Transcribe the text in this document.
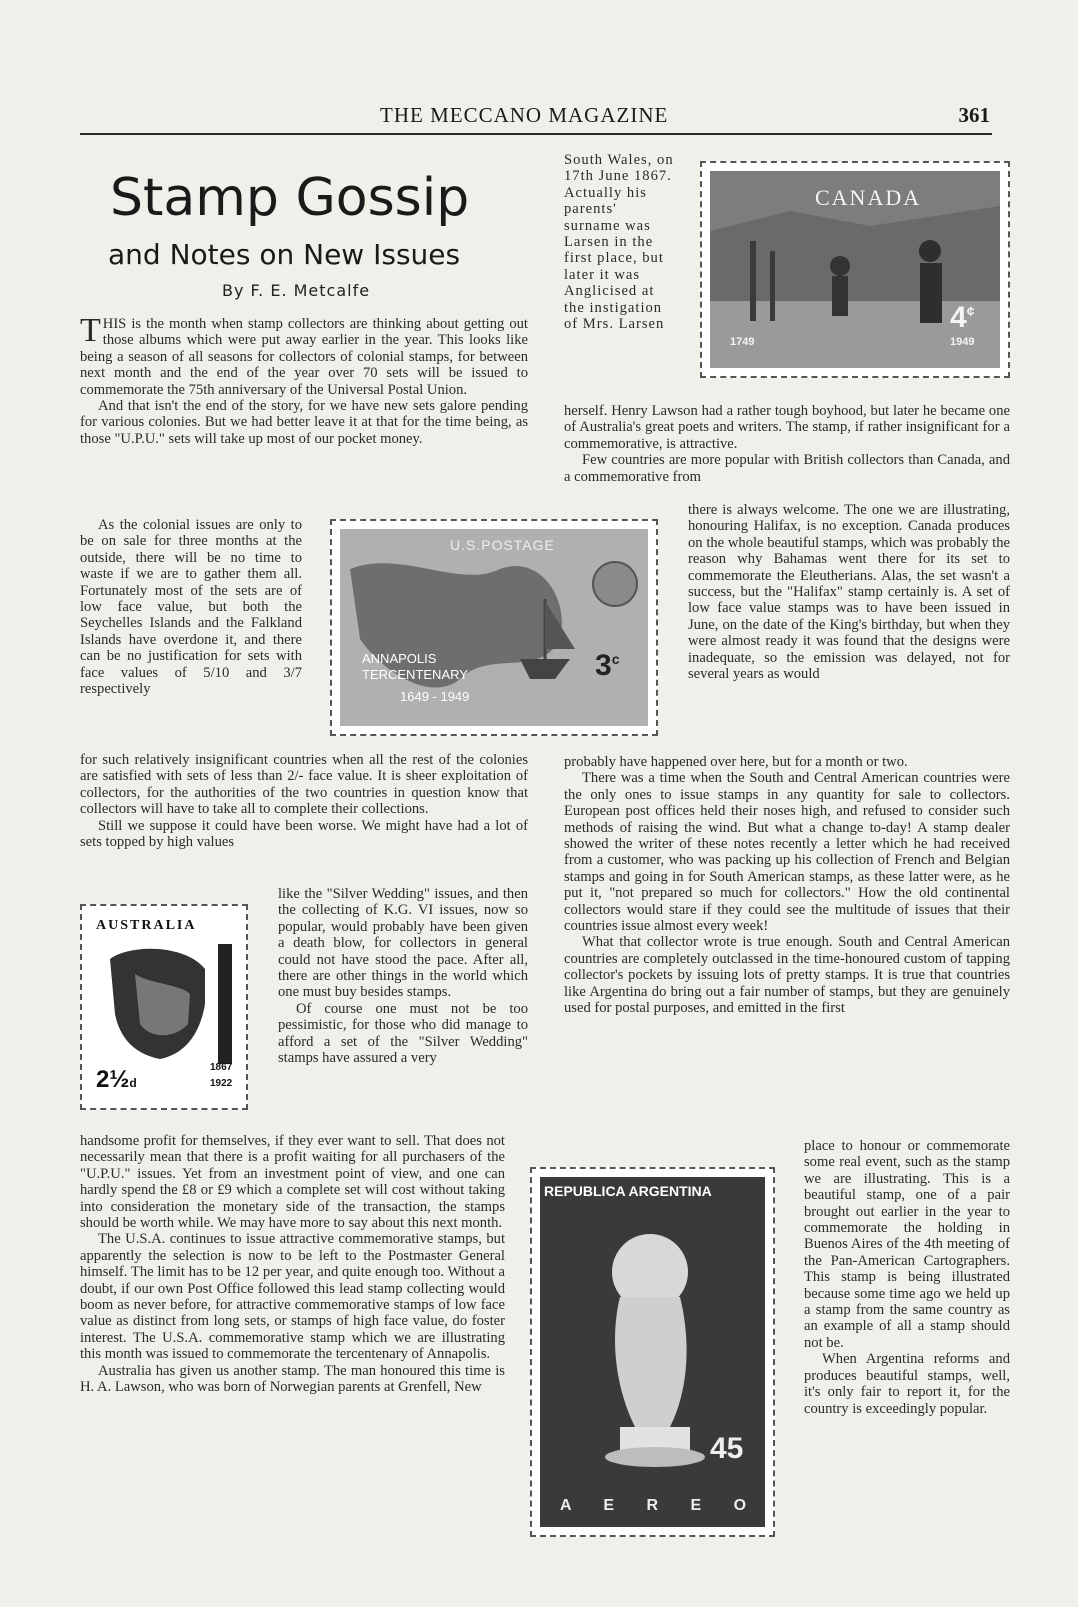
THE MECCANO MAGAZINE	361
Stamp Gossip
and Notes on New Issues
By F. E. Metcalfe

THIS is the month when stamp collectors are thinking about getting out those albums which were put away earlier in the year. This looks like being a season of all seasons for collectors of colonial stamps, for between next month and the end of the year over 70 sets will be issued to commemorate the 75th anniversary of the Universal Postal Union.

And that isn't the end of the story, for we have new sets galore pending for various colonies. But we had better leave it at that for the time being, as those "U.P.U." sets will take up most of our pocket money.

As the colonial issues are only to be on sale for three months at the outside, there will be no time to waste if we are to gather them all. Fortunately most of the sets are of low face value, but both the Seychelles Islands and the Falkland Islands have overdone it, and there can be no justification for sets with face values of 5/10 and 3/7 respectively

for such relatively insignificant countries when all the rest of the colonies are satisfied with sets of less than 2/- face value. It is sheer exploitation of collectors, for the authorities of the two countries in question know that collectors will have to take all to complete their collections.

Still we suppose it could have been worse. We might have had a lot of sets topped by high values

like the "Silver Wedding" issues, and then the collecting of K.G. VI issues, now so popular, would probably have been given a death blow, for collectors in general could not have stood the pace. After all, there are other things in the world which one must buy besides stamps.

Of course one must not be too pessimistic, for those who did manage to afford a set of the "Silver Wedding" stamps have assured a very

handsome profit for themselves, if they ever want to sell. That does not necessarily mean that there is a profit waiting for all purchasers of the "U.P.U." issues. Yet from an investment point of view, and one can hardly spend the £8 or £9 which a complete set will cost without taking into consideration the monetary side of the transaction, the stamps should be worth while. We may have more to say about this next month.

The U.S.A. continues to issue attractive commemorative stamps, but apparently the selection is now to be left to the Postmaster General himself. The limit has to be 12 per year, and quite enough too. Without a doubt, if our own Post Office followed this lead stamp collecting would boom as never before, for attractive commemorative stamps of low face value as distinct from long sets, or stamps of high face value, do foster interest. The U.S.A. commemorative stamp which we are illustrating this month was issued to commemorate the tercentenary of Annapolis.

Australia has given us another stamp. The man honoured this time is H. A. Lawson, who was born of Norwegian parents at Grenfell, New

South Wales, on 17th June 1867. Actually his parents' surname was Larsen in the first place, but later it was Anglicised at the instigation of Mrs. Larsen

herself. Henry Lawson had a rather tough boyhood, but later he became one of Australia's great poets and writers. The stamp, if rather insignificant for a commemorative, is attractive.

Few countries are more popular with British collectors than Canada, and a commemorative from

there is always welcome. The one we are illustrating, honouring Halifax, is no exception. Canada produces on the whole beautiful stamps, which was probably the reason why Bahamas went there for its set to commemorate the Eleutherians. Alas, the set wasn't a success, but the "Halifax" stamp certainly is. A set of low face value stamps was to have been issued in June, on the date of the King's birthday, but when they were almost ready it was found that the designs were inadequate, so the emission was delayed, not for several years as would

probably have happened over here, but for a month or two.

There was a time when the South and Central American countries were the only ones to issue stamps in any quantity for sale to collectors. European post offices held their noses high, and refused to consider such methods of raising the wind. But what a change to-day! A stamp dealer showed the writer of these notes recently a letter which he had received from a customer, who was packing up his collection of French and Belgian stamps and going in for South American stamps, as these latter were, as he put it, "not prepared so much for collectors." How the old continental collectors would stare if they could see the multitude of issues that their countries issue almost every week!

What that collector wrote is true enough. South and Central American countries are completely outclassed in the time-honoured custom of tapping collector's pockets by issuing lots of pretty stamps. It is true that countries like Argentina do bring out a fair number of stamps, but they are genuinely used for postal purposes, and emitted in the first

place to honour or commemorate some real event, such as the stamp we are illustrating. This is a beautiful stamp, one of a pair brought out earlier in the year to commemorate the holding in Buenos Aires of the 4th meeting of the Pan-American Cartographers. This stamp is being illustrated because some time ago we held up a stamp from the same country as an example of all a stamp should not be.

When Argentina reforms and produces beautiful stamps, well, it's only fair to report it, for the country is exceedingly popular.

CANADA
4¢
1749	1949
U.S.POSTAGE
ANNAPOLIS
TERCENTENARY
1649 - 1949
3$^c$
AUSTRALIA
2½d
1867
1922
REPUBLICA ARGENTINA
45
A E R E O
